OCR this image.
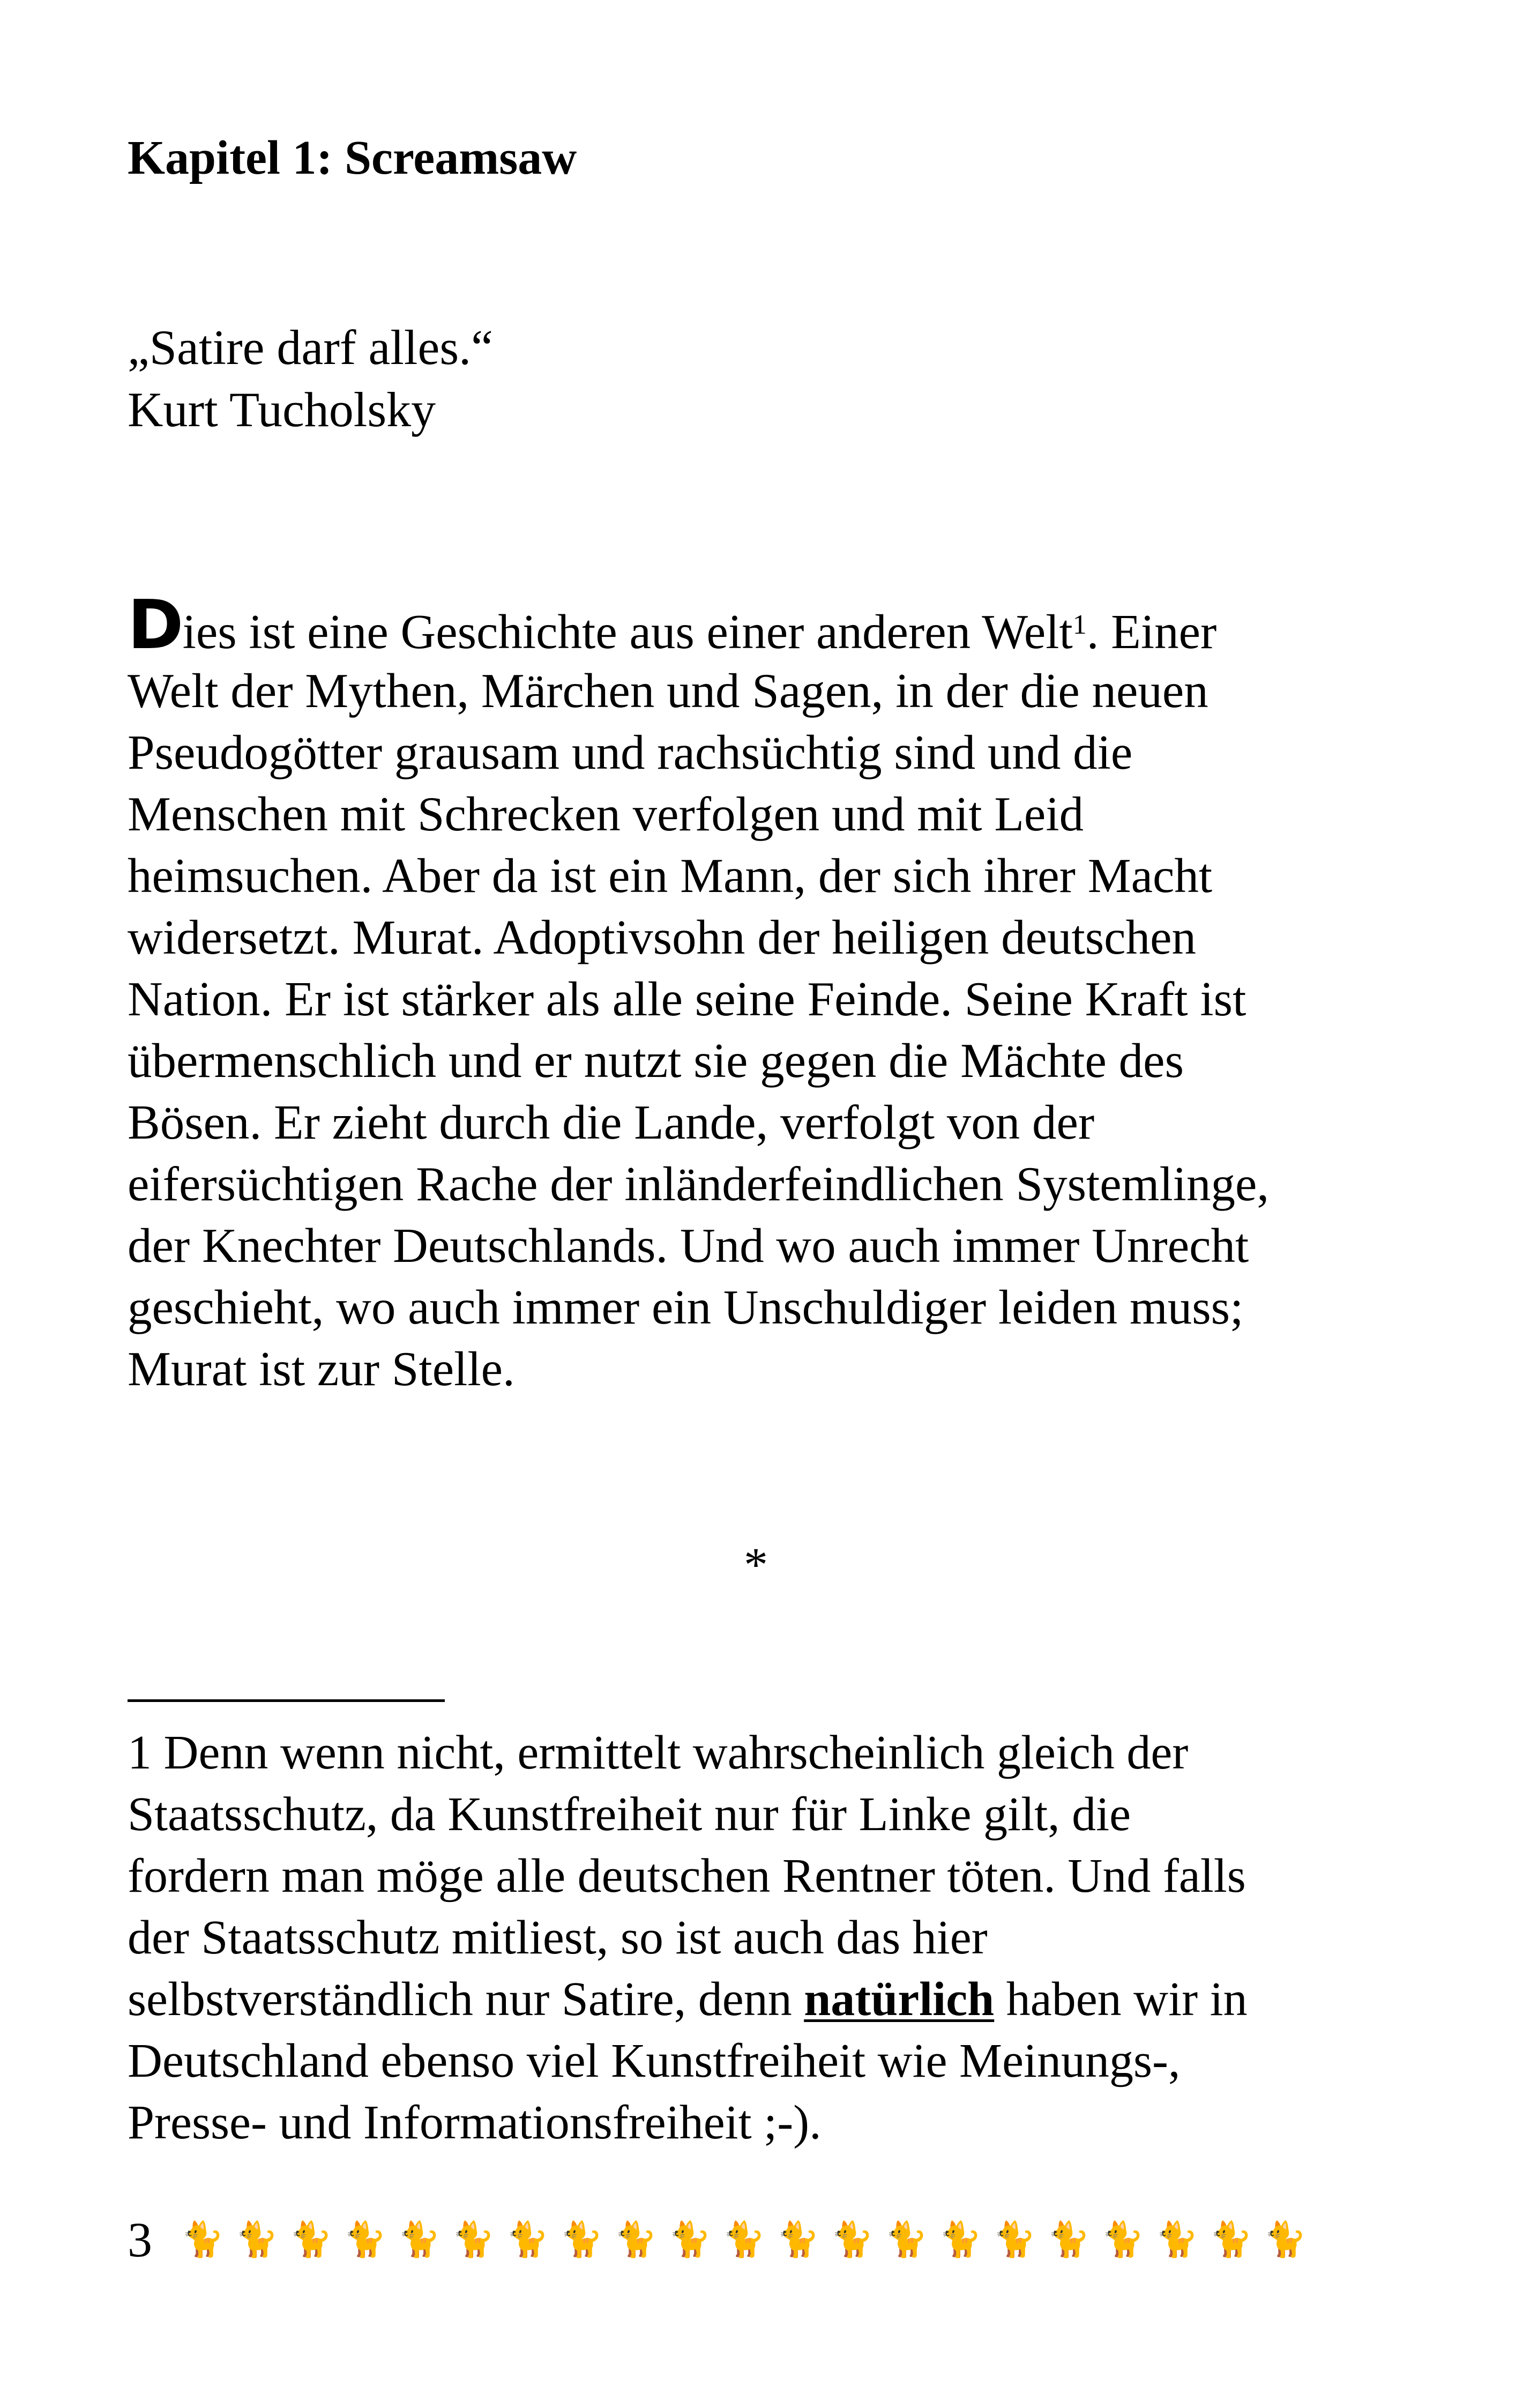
Kapitel 1: Screamsaw
„Satire darf alles.“
Kurt Tucholsky
Dies ist eine Geschichte aus einer anderen Welt$^1$. Einer
Welt der Mythen, Märchen und Sagen, in der die neuen
Pseudogötter grausam und rachsüchtig sind und die
Menschen mit Schrecken verfolgen und mit Leid
heimsuchen. Aber da ist ein Mann, der sich ihrer Macht
widersetzt. Murat. Adoptivsohn der heiligen deutschen
Nation. Er ist stärker als alle seine Feinde. Seine Kraft ist
übermenschlich und er nutzt sie gegen die Mächte des
Bösen. Er zieht durch die Lande, verfolgt von der
eifersüchtigen Rache der inländerfeindlichen Systemlinge,
der Knechter Deutschlands. Und wo auch immer Unrecht
geschieht, wo auch immer ein Unschuldiger leiden muss;
Murat ist zur Stelle.
*
1 Denn wenn nicht, ermittelt wahrscheinlich gleich der
Staatsschutz, da Kunstfreiheit nur für Linke gilt, die
fordern man möge alle deutschen Rentner töten. Und falls
der Staatsschutz mitliest, so ist auch das hier
selbstverständlich nur Satire, denn natürlich haben wir in
Deutschland ebenso viel Kunstfreiheit wie Meinungs-,
Presse- und Informationsfreiheit ;-).
3 🐈 🐈 🐈 🐈 🐈 🐈 🐈 🐈 🐈 🐈 🐈 🐈 🐈 🐈 🐈 🐈 🐈 🐈 🐈 🐈 🐈
